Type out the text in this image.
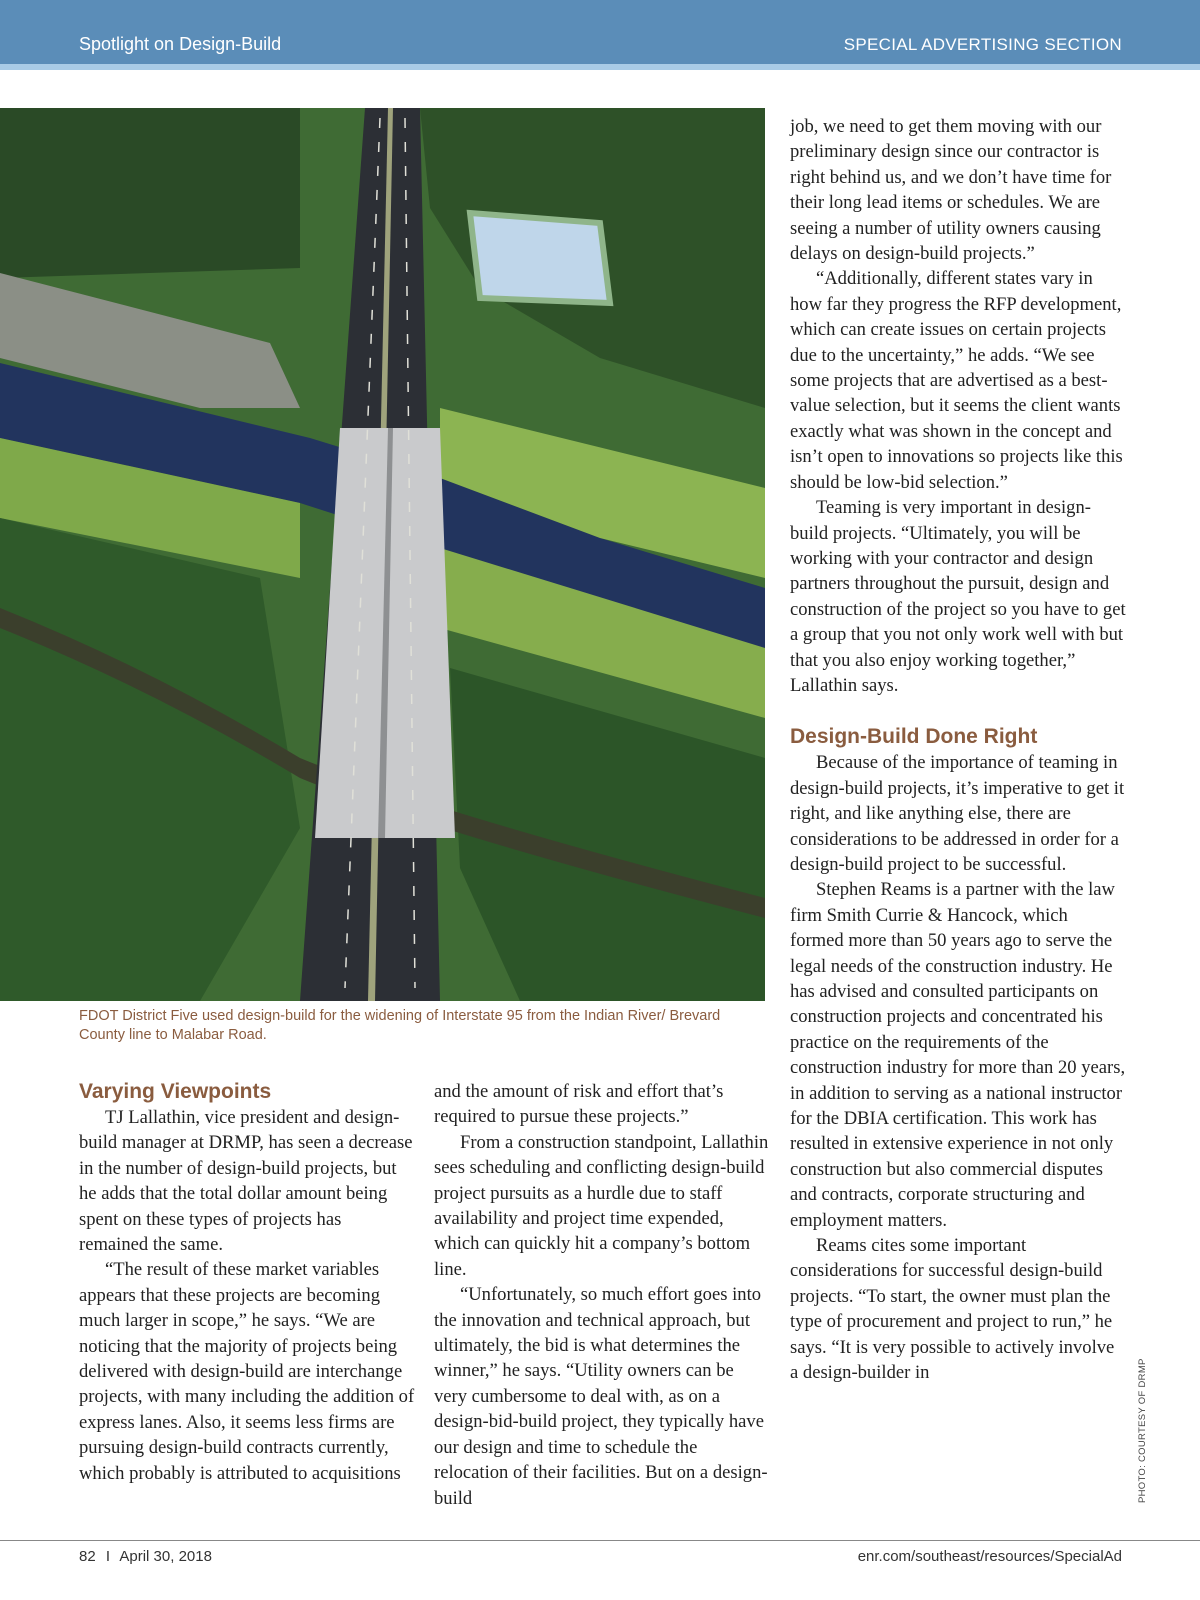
Spotlight on Design-Build	SPECIAL ADVERTISING SECTION
FDOT District Five used design-build for the widening of Interstate 95 from the Indian River/ Brevard County line to Malabar Road.
Varying Viewpoints

TJ Lallathin, vice president and design-build manager at DRMP, has seen a decrease in the number of design-build projects, but he adds that the total dollar amount being spent on these types of projects has remained the same.

“The result of these market variables appears that these projects are becoming much larger in scope,” he says. “We are noticing that the majority of projects being delivered with design-build are interchange projects, with many including the addition of express lanes. Also, it seems less firms are pursuing design-build contracts currently, which probably is attributed to acquisitions

and the amount of risk and effort that’s required to pursue these projects.”

From a construction standpoint, Lallathin sees scheduling and conflicting design-build project pursuits as a hurdle due to staff availability and project time expended, which can quickly hit a company’s bottom line.

“Unfortunately, so much effort goes into the innovation and technical approach, but ultimately, the bid is what determines the winner,” he says. “Utility owners can be very cumbersome to deal with, as on a design-bid-build project, they typically have our design and time to schedule the relocation of their facilities. But on a design-build

job, we need to get them moving with our preliminary design since our contractor is right behind us, and we don’t have time for their long lead items or schedules. We are seeing a number of utility owners causing delays on design-build projects.”

“Additionally, different states vary in how far they progress the RFP development, which can create issues on certain projects due to the uncertainty,” he adds. “We see some projects that are advertised as a best-value selection, but it seems the client wants exactly what was shown in the concept and isn’t open to innovations so projects like this should be low-bid selection.”

Teaming is very important in design-build projects. “Ultimately, you will be working with your contractor and design partners throughout the pursuit, design and construction of the project so you have to get a group that you not only work well with but that you also enjoy working together,” Lallathin says.

Design-Build Done Right

Because of the importance of teaming in design-build projects, it’s imperative to get it right, and like anything else, there are considerations to be addressed in order for a design-build project to be successful.

Stephen Reams is a partner with the law firm Smith Currie & Hancock, which formed more than 50 years ago to serve the legal needs of the construction industry. He has advised and consulted participants on construction projects and concentrated his practice on the requirements of the construction industry for more than 20 years, in addition to serving as a national instructor for the DBIA certification. This work has resulted in extensive experience in not only construction but also commercial disputes and contracts, corporate structuring and employment matters.

Reams cites some important considerations for successful design-build projects. “To start, the owner must plan the type of procurement and project to run,” he says. “It is very possible to actively involve a design-builder in	PHOTO: COURTESY OF DRMP
82 I April 30, 2018	enr.com/southeast/resources/SpecialAd
